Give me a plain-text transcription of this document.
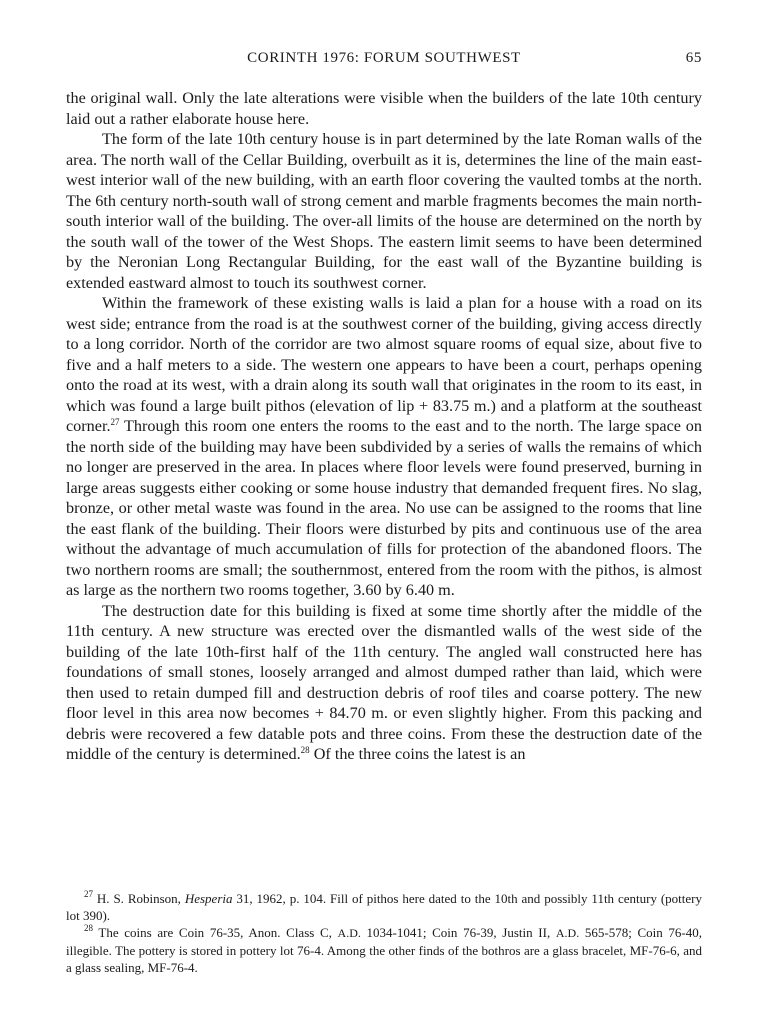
CORINTH 1976: FORUM SOUTHWEST	65

the original wall. Only the late alterations were visible when the builders of the late 10th century laid out a rather elaborate house here.

The form of the late 10th century house is in part determined by the late Roman walls of the area. The north wall of the Cellar Building, overbuilt as it is, determines the line of the main east-west interior wall of the new building, with an earth floor covering the vaulted tombs at the north. The 6th century north-south wall of strong cement and marble fragments becomes the main north-south interior wall of the building. The over-all limits of the house are determined on the north by the south wall of the tower of the West Shops. The eastern limit seems to have been determined by the Neronian Long Rectangular Building, for the east wall of the Byzantine building is extended eastward almost to touch its southwest corner.

Within the framework of these existing walls is laid a plan for a house with a road on its west side; entrance from the road is at the southwest corner of the building, giving access directly to a long corridor. North of the corridor are two almost square rooms of equal size, about five to five and a half meters to a side. The western one appears to have been a court, perhaps opening onto the road at its west, with a drain along its south wall that originates in the room to its east, in which was found a large built pithos (elevation of lip + 83.75 m.) and a platform at the southeast corner.$^{27}$ Through this room one enters the rooms to the east and to the north. The large space on the north side of the building may have been subdivided by a series of walls the remains of which no longer are preserved in the area. In places where floor levels were found preserved, burning in large areas suggests either cooking or some house industry that demanded frequent fires. No slag, bronze, or other metal waste was found in the area. No use can be assigned to the rooms that line the east flank of the building. Their floors were disturbed by pits and continuous use of the area without the advantage of much accumulation of fills for protection of the abandoned floors. The two northern rooms are small; the southernmost, entered from the room with the pithos, is almost as large as the northern two rooms together, 3.60 by 6.40 m.

The destruction date for this building is fixed at some time shortly after the middle of the 11th century. A new structure was erected over the dismantled walls of the west side of the building of the late 10th-first half of the 11th century. The angled wall constructed here has foundations of small stones, loosely arranged and almost dumped rather than laid, which were then used to retain dumped fill and destruction debris of roof tiles and coarse pottery. The new floor level in this area now becomes + 84.70 m. or even slightly higher. From this packing and debris were recovered a few datable pots and three coins. From these the destruction date of the middle of the century is determined.$^{28}$ Of the three coins the latest is an

$^{27}$ H. S. Robinson, Hesperia 31, 1962, p. 104. Fill of pithos here dated to the 10th and possibly 11th century (pottery lot 390).

$^{28}$ The coins are Coin 76-35, Anon. Class C, A.D. 1034-1041; Coin 76-39, Justin II, A.D. 565-578; Coin 76-40, illegible. The pottery is stored in pottery lot 76-4. Among the other finds of the bothros are a glass bracelet, MF-76-6, and a glass sealing, MF-76-4.
